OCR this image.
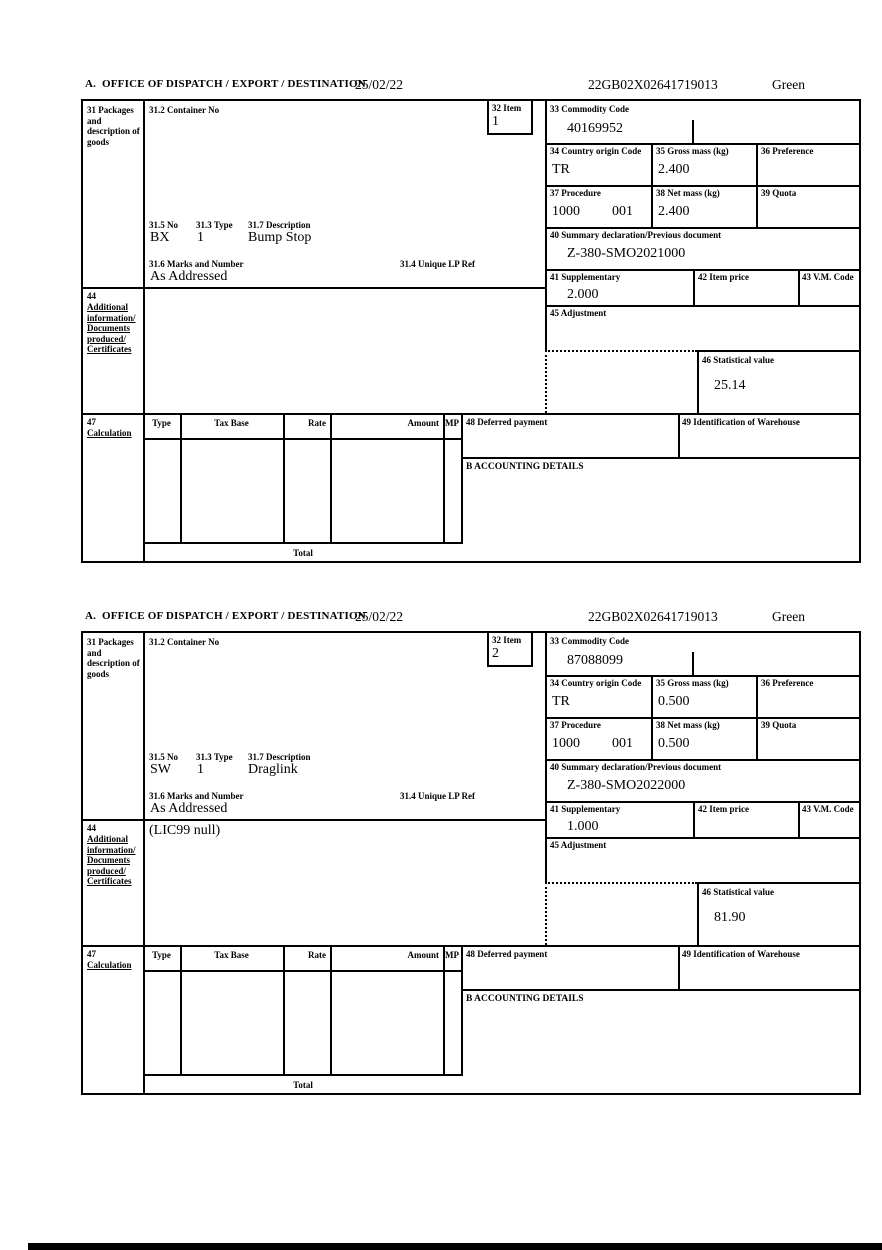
A.  OFFICE OF DISPATCH / EXPORT / DESTINATION
25/02/22	22GB02X02641719013	Green
31 Packages and description of goods
31.2 Container No	32 Item
1
31.5 No 31.3 Type 31.7 Description
BX 1	Bump Stop
31.6 Marks and Number	31.4 Unique LP Ref
As Addressed
44
Additional information/ Documents produced/ Certificates
33 Commodity Code
40169952
34 Country origin Code
TR
35 Gross mass (kg)
2.400
36 Preference
37 Procedure
1000 001
38 Net mass (kg)
2.400
39 Quota
40 Summary declaration/Previous document
Z-380-SMO2021000
41 Supplementary
2.000
42 Item price	43 V.M. Code
45 Adjustment
46 Statistical value
25.14
47
Calculation
Type	Tax Base	Rate	Amount MP
Total
48 Deferred payment	49 Identification of Warehouse
B ACCOUNTING DETAILS
A.  OFFICE OF DISPATCH / EXPORT / DESTINATION
25/02/22	22GB02X02641719013	Green
31 Packages and description of goods
31.2 Container No	32 Item
2
31.5 No 31.3 Type 31.7 Description
SW 1	Draglink
31.6 Marks and Number	31.4 Unique LP Ref
As Addressed
44
Additional information/ Documents produced/ Certificates
(LIC99 null)
33 Commodity Code
87088099
34 Country origin Code
TR
35 Gross mass (kg)
0.500
36 Preference
37 Procedure
1000 001
38 Net mass (kg)
0.500
39 Quota
40 Summary declaration/Previous document
Z-380-SMO2022000
41 Supplementary
1.000
42 Item price	43 V.M. Code
45 Adjustment
46 Statistical value
81.90
47
Calculation
Type	Tax Base	Rate	Amount MP
Total
48 Deferred payment	49 Identification of Warehouse
B ACCOUNTING DETAILS
